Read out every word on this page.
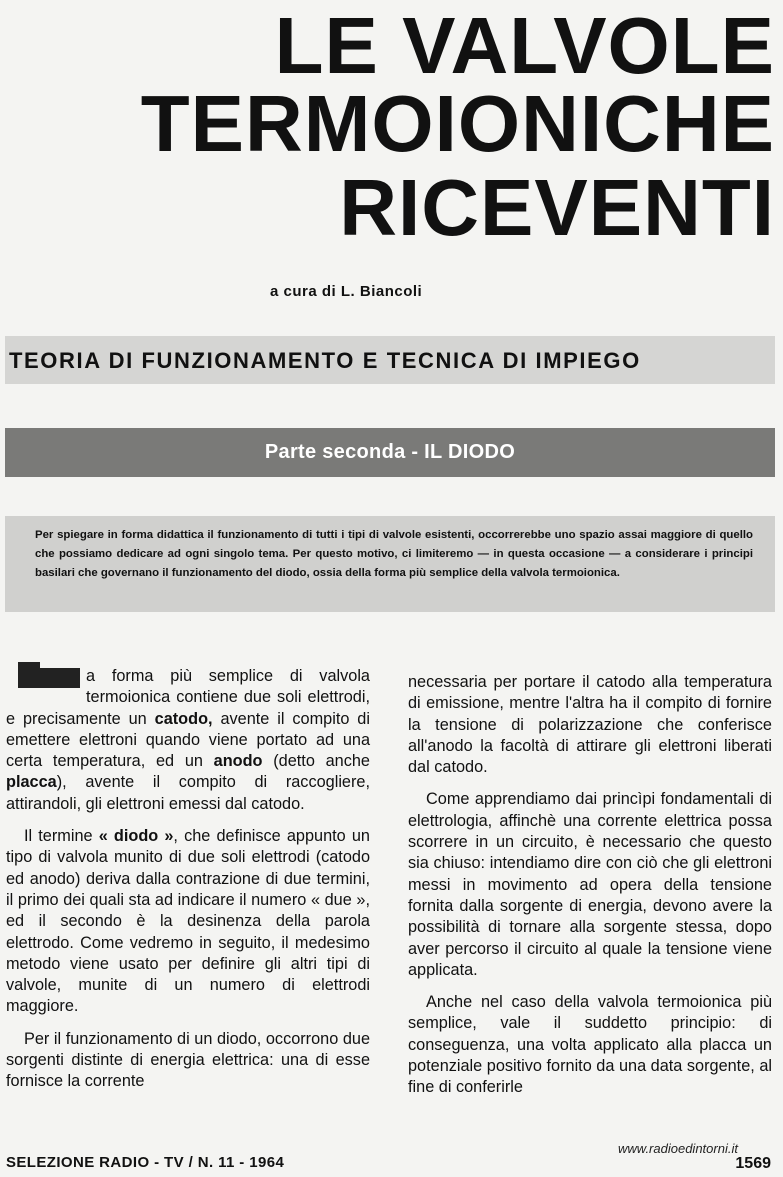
LE VALVOLE
TERMOIONICHE
RICEVENTI

a cura di L. Biancoli

TEORIA DI FUNZIONAMENTO E TECNICA DI IMPIEGO
Parte seconda - IL DIODO

Per spiegare in forma didattica il funzionamento di tutti i tipi di valvole esistenti, occorrerebbe uno spazio assai maggiore di quello che possiamo dedicare ad ogni singolo tema. Per questo motivo, ci limiteremo — in questa occasione — a considerare i principi basilari che governano il funzionamento del diodo, ossia della forma più semplice della valvola termoionica.

a forma più semplice di valvola termoionica contiene due soli elettrodi, e precisamente un catodo, avente il compito di emettere elettroni quando viene portato ad una certa temperatura, ed un anodo (detto anche placca), avente il compito di raccogliere, attirandoli, gli elettroni emessi dal catodo.

Il termine « diodo », che definisce appunto un tipo di valvola munito di due soli elettrodi (catodo ed anodo) deriva dalla contrazione di due termini, il primo dei quali sta ad indicare il numero « due », ed il secondo è la desinenza della parola elettrodo. Come vedremo in seguito, il medesimo metodo viene usato per definire gli altri tipi di valvole, munite di un numero di elettrodi maggiore.

Per il funzionamento di un diodo, occorrono due sorgenti distinte di energia elettrica: una di esse fornisce la corrente

necessaria per portare il catodo alla temperatura di emissione, mentre l'altra ha il compito di fornire la tensione di polarizzazione che conferisce all'anodo la facoltà di attirare gli elettroni liberati dal catodo.

Come apprendiamo dai princìpi fondamentali di elettrologia, affinchè una corrente elettrica possa scorrere in un circuito, è necessario che questo sia chiuso: intendiamo dire con ciò che gli elettroni messi in movimento ad opera della tensione fornita dalla sorgente di energia, devono avere la possibilità di tornare alla sorgente stessa, dopo aver percorso il circuito al quale la tensione viene applicata.

Anche nel caso della valvola termoionica più semplice, vale il suddetto principio: di conseguenza, una volta applicato alla placca un potenziale positivo fornito da una data sorgente, al fine di conferirle

SELEZIONE RADIO - TV / N. 11 - 1964

www.radioedintorni.it

1569
